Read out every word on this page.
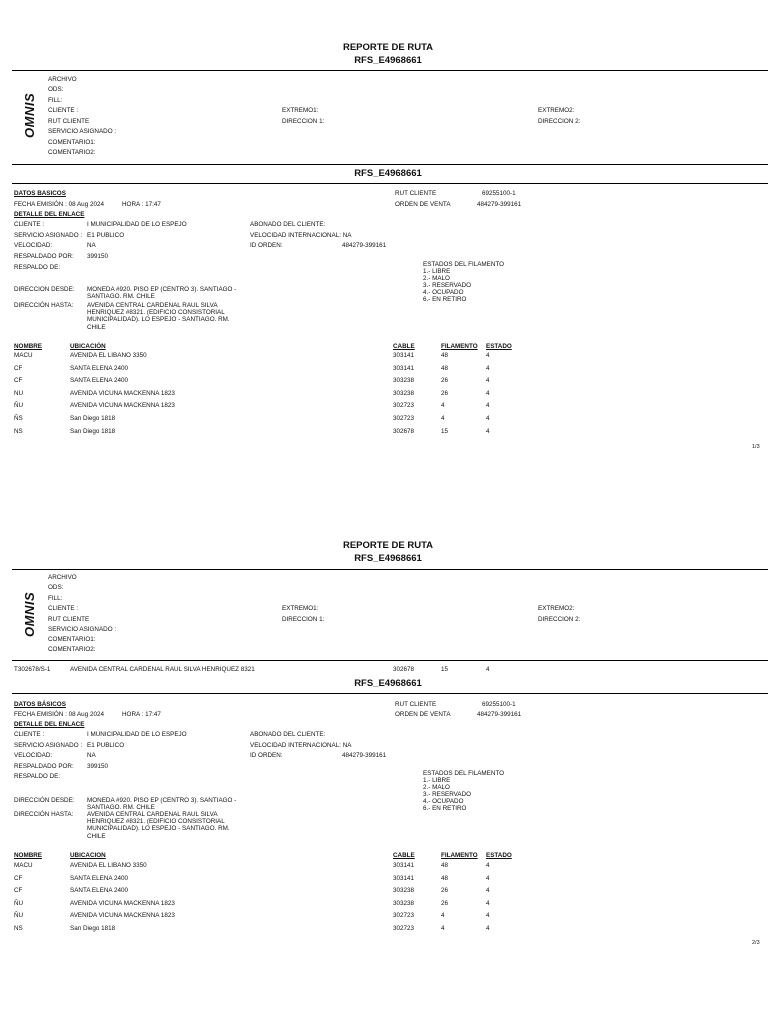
REPORTE DE RUTA
RFS_E4968661
OMNIS
ARCHIVO
ODS:
FILL:
CLIENTE :
RUT CLIENTE
SERVICIO ASIGNADO :
COMENTARIO1:
COMENTARIO2:
EXTREMO1:
DIRECCION 1:
EXTREMO2:
DIRECCION 2:
RFS_E4968661
DATOS BASICOS
FECHA EMISIÓN : 08 Aug 2024	HORA : 17:47
DETALLE DEL ENLACE
CLIENTE :	I MUNICIPALIDAD DE LO ESPEJO
SERVICIO ASIGNADO : E1 PUBLICO
VELOCIDAD:	NA
RESPALDADO POR: 399150
RESPALDO DE:
ABONADO DEL CLIENTE:
VELOCIDAD INTERNACIONAL: NA
ID ORDEN:	484279-399161
RUT CLIENTE	69255100-1
ORDEN DE VENTA	484279-399161
ESTADOS DEL FILAMENTO
1.- LIBRE
2.- MALO
3.- RESERVADO
4.- OCUPADO
6.- EN RETIRO
DIRECCION DESDE: MONEDA #920. PISO EP (CENTRO 3). SANTIAGO - SANTIAGO. RM. CHILE
DIRECCIÓN HASTA: AVENIDA CENTRAL CARDENAL RAUL SILVA HENRIQUEZ #8321. (EDIFICIO CONSISTORIAL MUNICIPALIDAD). LO ESPEJO - SANTIAGO. RM. CHILE
NOMBRE	UBICACIÓN	CABLE	FILAMENTO ESTADO
MACU	AVENIDA EL LIBANO 3350	303141	48	4
CF	SANTA ELENA 2400	303141	48	4
CF	SANTA ELENA 2400	303238	26	4
NU	AVENIDA VICUNA MACKENNA 1823	303238	26	4
ÑU	AVENIDA VICUNA MACKENNA 1823	302723	4	4
ÑS	San Diego 1818	302723	4	4
NS	San Diego 1818	302678	15	4
1/3
REPORTE DE RUTA
RFS_E4968661
OMNIS
ARCHIVO
ODS:
FILL:
CLIENTE :
RUT CLIENTE
SERVICIO ASIGNADO :
COMENTARIO1:
COMENTARIO2:
EXTREMO1:
DIRECCION 1:
EXTREMO2:
DIRECCION 2:
T302678/S-1	AVENIDA CENTRAL CARDENAL RAUL SILVA HENRIQUEZ 8321	302678	15	4
RFS_E4968661
DATOS BÁSICOS
FECHA EMISIÓN : 08 Aug 2024	HORA : 17:47
DETALLE DEL ENLACE
CLIENTE :	I MUNICIPALIDAD DE LO ESPEJO
SERVICIO ASIGNADO : E1 PUBLICO
VELOCIDAD:	NA
RESPALDADO POR: 399150
RESPALDO DE:
ABONADO DEL CLIENTE:
VELOCIDAD INTERNACIONAL: NA
ID ORDEN:	484279-399161
RUT CLIENTE	69255100-1
ORDEN DE VENTA	484279-399161
ESTADOS DEL FILAMENTO
1.- LIBRE
2.- MALO
3.- RESERVADO
4.- OCUPADO
6.- EN RETIRO
DIRECCIÓN DESDE: MONEDA #920. PISO EP (CENTRO 3). SANTIAGO - SANTIAGO. RM. CHILE
DIRECCIÓN HASTA: AVENIDA CENTRAL CARDENAL RAUL SILVA HENRIQUEZ #8321. (EDIFICIO CONSISTORIAL MUNICIPALIDAD). LO ESPEJO - SANTIAGO. RM. CHILE
NOMBRE	UBICACION	CABLE	FILAMENTO ESTADO
MACU	AVENIDA EL LIBANO 3350	303141	48	4
CF	SANTA ELENA 2400	303141	48	4
CF	SANTA ELENA 2400	303238	26	4
ÑU	AVENIDA VICUNA MACKENNA 1823	303238	26	4
ÑU	AVENIDA VICUNA MACKENNA 1823	302723	4	4
NS	San Diego 1818	302723	4	4
2/3
